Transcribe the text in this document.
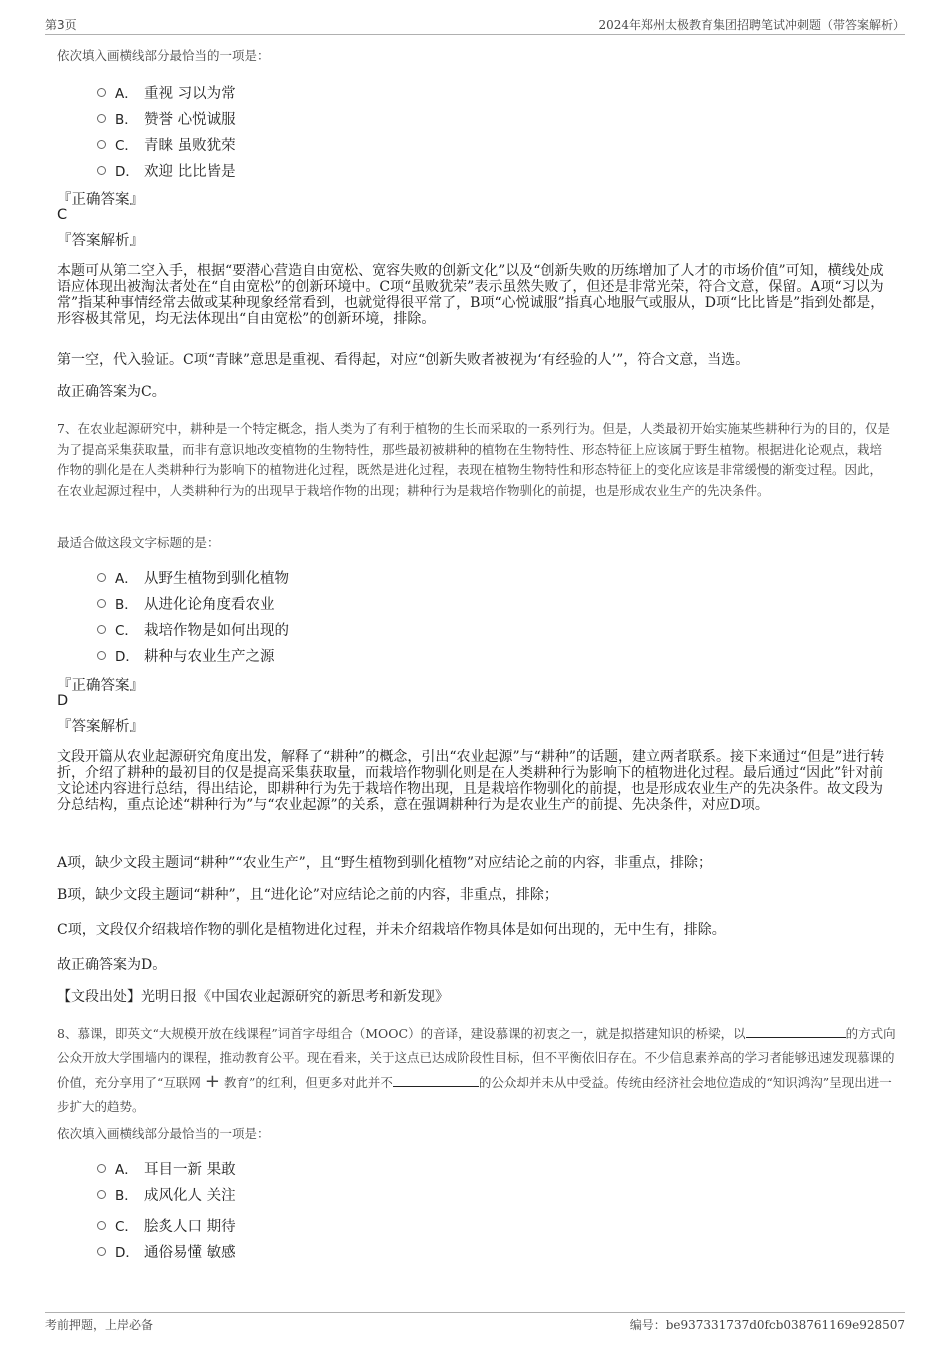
第3页	2024年郑州太极教育集团招聘笔试冲刺题（带答案解析）
依次填入画横线部分最恰当的一项是：
A． 重视 习以为常
B． 赞誉 心悦诚服
C． 青睐 虽败犹荣
D． 欢迎 比比皆是
『正确答案』
C
『答案解析』

本题可从第二空入手，根据“要潜心营造自由宽松、宽容失败的创新文化”以及“创新失败的历练增加了人才的市场价值”可知，横线处成语应体现出被淘汰者处在“自由宽松”的创新环境中。C项“虽败犹荣”表示虽然失败了，但还是非常光荣，符合文意，保留。A项“习以为常”指某种事情经常去做或某种现象经常看到，也就觉得很平常了，B项“心悦诚服”指真心地服气或服从，D项“比比皆是”指到处都是，形容极其常见，均无法体现出“自由宽松”的创新环境，排除。

第一空，代入验证。C项“青睐”意思是重视、看得起，对应“创新失败者被视为‘有经验的人’”，符合文意，当选。

故正确答案为C。

7、在农业起源研究中，耕种是一个特定概念，指人类为了有利于植物的生长而采取的一系列行为。但是，人类最初开始实施某些耕种行为的目的，仅是为了提高采集获取量，而非有意识地改变植物的生物特性，那些最初被耕种的植物在生物特性、形态特征上应该属于野生植物。根据进化论观点，栽培作物的驯化是在人类耕种行为影响下的植物进化过程，既然是进化过程，表现在植物生物特性和形态特征上的变化应该是非常缓慢的渐变过程。因此，在农业起源过程中，人类耕种行为的出现早于栽培作物的出现；耕种行为是栽培作物驯化的前提，也是形成农业生产的先决条件。

最适合做这段文字标题的是：
A． 从野生植物到驯化植物
B． 从进化论角度看农业
C． 栽培作物是如何出现的
D． 耕种与农业生产之源
『正确答案』
D
『答案解析』

文段开篇从农业起源研究角度出发，解释了“耕种”的概念，引出“农业起源”与“耕种”的话题，建立两者联系。接下来通过“但是”进行转折，介绍了耕种的最初目的仅是提高采集获取量，而栽培作物驯化则是在人类耕种行为影响下的植物进化过程。最后通过“因此”针对前文论述内容进行总结，得出结论，即耕种行为先于栽培作物出现，且是栽培作物驯化的前提，也是形成农业生产的先决条件。故文段为分总结构，重点论述“耕种行为”与“农业起源”的关系，意在强调耕种行为是农业生产的前提、先决条件，对应D项。

A项，缺少文段主题词“耕种”“农业生产”，且“野生植物到驯化植物”对应结论之前的内容，非重点，排除；

B项，缺少文段主题词“耕种”，且“进化论”对应结论之前的内容，非重点，排除；

C项，文段仅介绍栽培作物的驯化是植物进化过程，并未介绍栽培作物具体是如何出现的，无中生有，排除。

故正确答案为D。

【文段出处】光明日报《中国农业起源研究的新思考和新发现》

8、慕课，即英文“大规模开放在线课程”词首字母组合（MOOC）的音译，建设慕课的初衷之一，就是拟搭建知识的桥梁，以	的方式向公众开放大学围墙内的课程，推动教育公平。现在看来，关于这点已达成阶段性目标，但不平衡依旧存在。不少信息素养高的学习者能够迅速发现慕课的价值，充分享用了“互联网 + 教育”的红利，但更多对此并不	的公众却并未从中受益。传统由经济社会地位造成的“知识鸿沟”呈现出进一步扩大的趋势。

依次填入画横线部分最恰当的一项是：
A． 耳目一新 果敢
B． 成风化人 关注
C． 脍炙人口 期待
D． 通俗易懂 敏感
考前押题，上岸必备	编号：be937331737d0fcb038761169e928507
